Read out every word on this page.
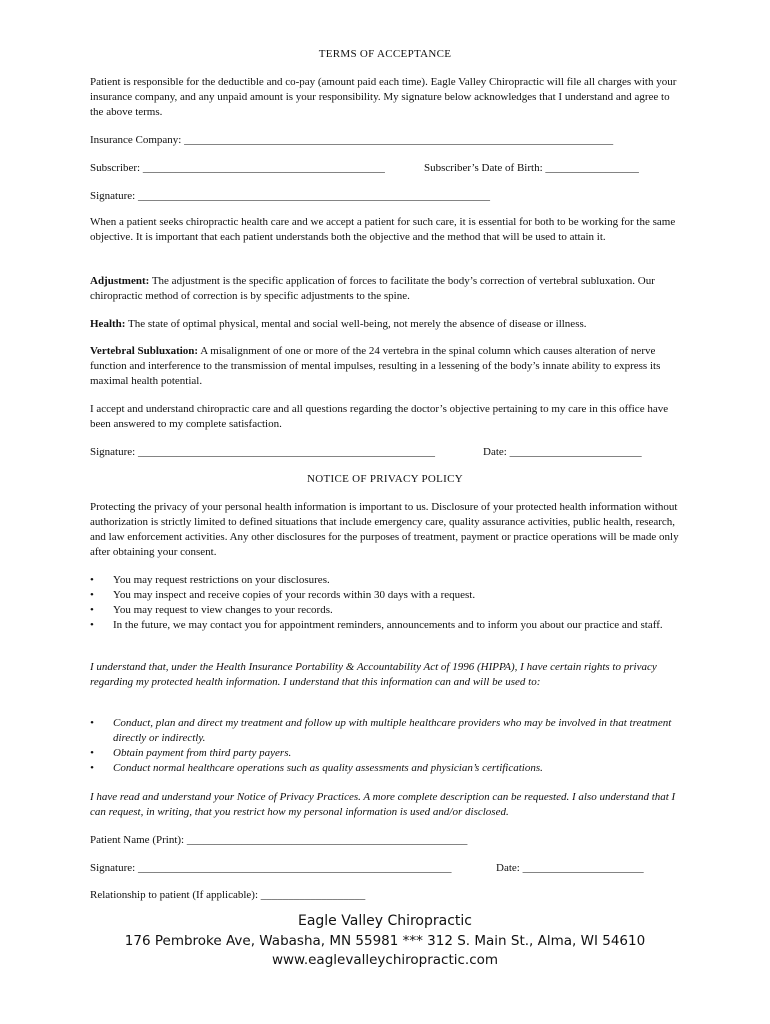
TERMS OF ACCEPTANCE

Patient is responsible for the deductible and co-pay (amount paid each time). Eagle Valley Chiropractic will file all charges with your insurance company, and any unpaid amount is your responsibility. My signature below acknowledges that I understand and agree to the above terms.

Insurance Company: ______________________________________________________________________________
Subscriber: ____________________________________________	Subscriber’s Date of Birth: _________________
Signature: ________________________________________________________________

When a patient seeks chiropractic health care and we accept a patient for such care, it is essential for both to be working for the same objective. It is important that each patient understands both the objective and the method that will be used to attain it.

Adjustment: The adjustment is the specific application of forces to facilitate the body’s correction of vertebral subluxation. Our chiropractic method of correction is by specific adjustments to the spine.

Health: The state of optimal physical, mental and social well-being, not merely the absence of disease or illness.

Vertebral Subluxation: A misalignment of one or more of the 24 vertebra in the spinal column which causes alteration of nerve function and interference to the transmission of mental impulses, resulting in a lessening of the body’s innate ability to express its maximal health potential.

I accept and understand chiropractic care and all questions regarding the doctor’s objective pertaining to my care in this office have been answered to my complete satisfaction.

Signature: ______________________________________________________	Date: ________________________
NOTICE OF PRIVACY POLICY

Protecting the privacy of your personal health information is important to us. Disclosure of your protected health information without authorization is strictly limited to defined situations that include emergency care, quality assurance activities, public health, research, and law enforcement activities. Any other disclosures for the purposes of treatment, payment or practice operations will be made only after obtaining your consent.

• You may request restrictions on your disclosures.
• You may inspect and receive copies of your records within 30 days with a request.
• You may request to view changes to your records.
• In the future, we may contact you for appointment reminders, announcements and to inform you about our practice and staff.

I understand that, under the Health Insurance Portability & Accountability Act of 1996 (HIPPA), I have certain rights to privacy regarding my protected health information. I understand that this information can and will be used to:

• Conduct, plan and direct my treatment and follow up with multiple healthcare providers who may be involved in that treatment directly or indirectly.
• Obtain payment from third party payers.
• Conduct normal healthcare operations such as quality assessments and physician’s certifications.

I have read and understand your Notice of Privacy Practices. A more complete description can be requested. I also understand that I can request, in writing, that you restrict how my personal information is used and/or disclosed.

Patient Name (Print): ___________________________________________________
Signature: _________________________________________________________	Date: ______________________
Relationship to patient (If applicable): ___________________
Eagle Valley Chiropractic
176 Pembroke Ave, Wabasha, MN 55981 *** 312 S. Main St., Alma, WI 54610
www.eaglevalleychiropractic.com
